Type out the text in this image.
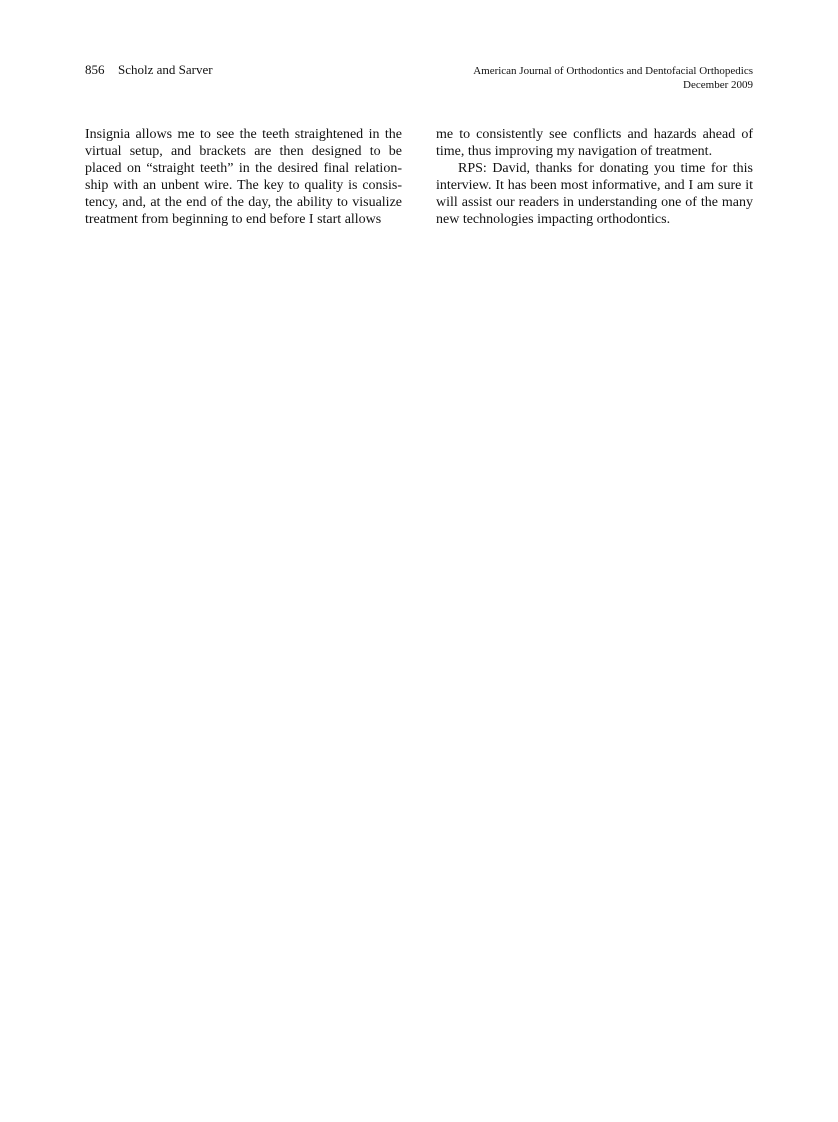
856 Scholz and Sarver	American Journal of Orthodontics and Dentofacial Orthopedics
December 2009

Insignia allows me to see the teeth straightened in the virtual setup, and brackets are then designed to be placed on “straight teeth” in the desired final relationship with an unbent wire. The key to quality is consistency, and, at the end of the day, the ability to visualize treatment from beginning to end before I start allows

me to consistently see conflicts and hazards ahead of time, thus improving my navigation of treatment.

RPS: David, thanks for donating you time for this interview. It has been most informative, and I am sure it will assist our readers in understanding one of the many new technologies impacting orthodontics.
